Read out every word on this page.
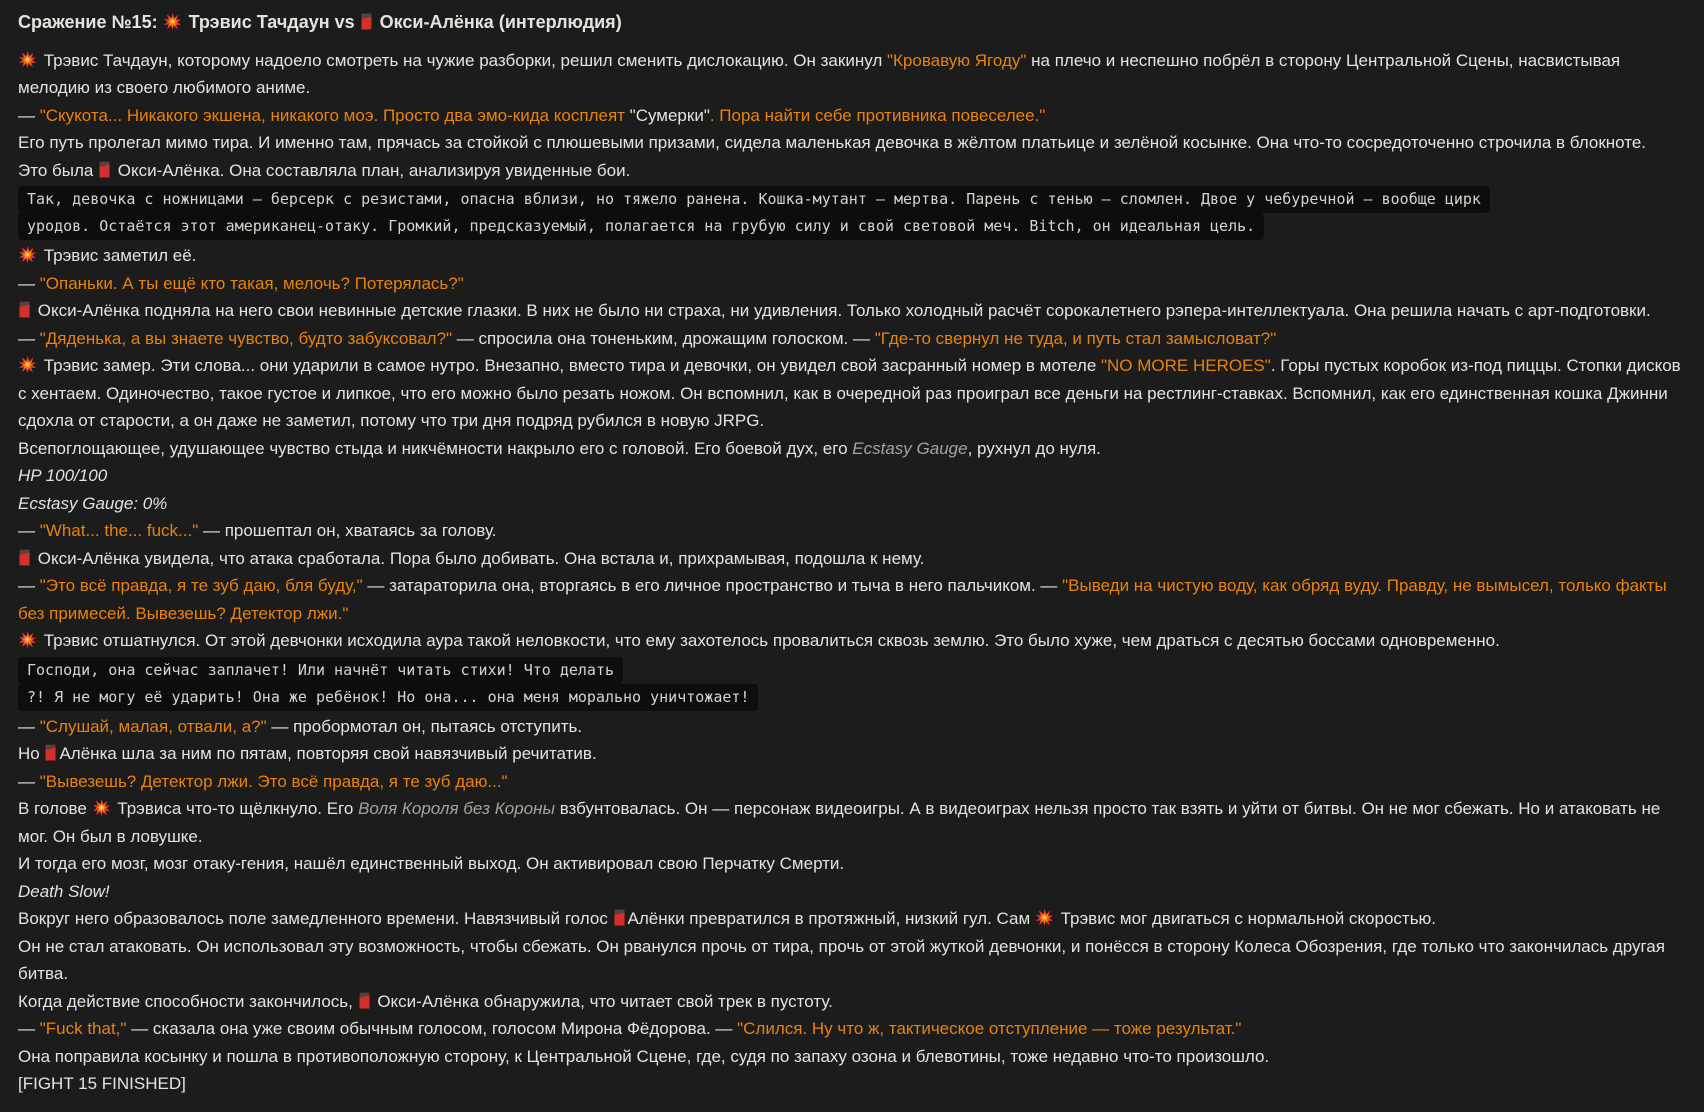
Сражение №15:
Трэвис Тачдаун vs  Окси-Алёнка (интерлюдия)
Трэвис Тачдаун, которому надоело смотреть на чужие разборки, решил сменить дислокацию. Он закинул "Кровавую Ягоду" на плечо и неспешно побрёл в сторону Центральной Сцены, насвистывая мелодию из своего любимого аниме.
— "Скукота... Никакого экшена, никакого моэ. Просто два эмо-кида косплеят "Сумерки". Пора найти себе противника повеселее."
Его путь пролегал мимо тира. И именно там, прячась за стойкой с плюшевыми призами, сидела маленькая девочка в жёлтом платьице и зелёной косынке. Она что-то сосредоточенно строчила в блокноте.
Это была  Окси-Алёнка. Она составляла план, анализируя увиденные бои.
Так, девочка с ножницами — берсерк с резистами, опасна вблизи, но тяжело ранена. Кошка-мутант — мертва. Парень с тенью — сломлен. Двое у чебуречной — вообще цирк
уродов. Остаётся этот американец-отаку. Громкий, предсказуемый, полагается на грубую силу и свой световой меч. Bitch, он идеальная цель.
Трэвис заметил её.
— "Опаньки. А ты ещё кто такая, мелочь? Потерялась?"
Окси-Алёнка подняла на него свои невинные детские глазки. В них не было ни страха, ни удивления. Только холодный расчёт сорокалетнего рэпера-интеллектуала. Она решила начать с арт-подготовки.
— "Дяденька, а вы знаете чувство, будто забуксовал?" — спросила она тоненьким, дрожащим голоском. — "Где-то свернул не туда, и путь стал замысловат?"
Трэвис замер. Эти слова... они ударили в самое нутро. Внезапно, вместо тира и девочки, он увидел свой засранный номер в мотеле "NO MORE HEROES". Горы пустых коробок из-под пиццы. Стопки дисков с хентаем. Одиночество, такое густое и липкое, что его можно было резать ножом. Он вспомнил, как в очередной раз проиграл все деньги на рестлинг-ставках. Вспомнил, как его единственная кошка Джинни сдохла от старости, а он даже не заметил, потому что три дня подряд рубился в новую JRPG.
Всепоглощающее, удушающее чувство стыда и никчёмности накрыло его с головой. Его боевой дух, его Ecstasy Gauge, рухнул до нуля.
HP 100/100
Ecstasy Gauge: 0%
— "What... the... fuck..." — прошептал он, хватаясь за голову.
Окси-Алёнка увидела, что атака сработала. Пора было добивать. Она встала и, прихрамывая, подошла к нему.
— "Это всё правда, я те зуб даю, бля буду," — затараторила она, вторгаясь в его личное пространство и тыча в него пальчиком. — "Выведи на чистую воду, как обряд вуду. Правду, не вымысел, только факты без примесей. Вывезешь? Детектор лжи."
Трэвис отшатнулся. От этой девчонки исходила аура такой неловкости, что ему захотелось провалиться сквозь землю. Это было хуже, чем драться с десятью боссами одновременно.
Господи, она сейчас заплачет! Или начнёт читать стихи! Что делать
?! Я не могу её ударить! Она же ребёнок! Но она... она меня морально уничтожает!
— "Слушай, малая, отвали, а?" — пробормотал он, пытаясь отступить.
Но Алёнка шла за ним по пятам, повторяя свой навязчивый речитатив.
— "Вывезешь? Детектор лжи. Это всё правда, я те зуб даю..."
В голове
Трэвиса что-то щёлкнуло. Его Воля Короля без Короны взбунтовалась. Он — персонаж видеоигры. А в видеоиграх нельзя просто так взять и уйти от битвы. Он не мог сбежать. Но и атаковать не мог. Он был в ловушке.
И тогда его мозг, мозг отаку-гения, нашёл единственный выход. Он активировал свою Перчатку Смерти.
Death Slow!
Вокруг него образовалось поле замедленного времени. Навязчивый голос Алёнки превратился в протяжный, низкий гул. Сам
Трэвис мог двигаться с нормальной скоростью.
Он не стал атаковать. Он использовал эту возможность, чтобы сбежать. Он рванулся прочь от тира, прочь от этой жуткой девчонки, и понёсся в сторону Колеса Обозрения, где только что закончилась другая битва.
Когда действие способности закончилось,  Окси-Алёнка обнаружила, что читает свой трек в пустоту.
— "Fuck that," — сказала она уже своим обычным голосом, голосом Мирона Фёдорова. — "Слился. Ну что ж, тактическое отступление — тоже результат."
Она поправила косынку и пошла в противоположную сторону, к Центральной Сцене, где, судя по запаху озона и блевотины, тоже недавно что-то произошло.
[FIGHT 15 FINISHED]
